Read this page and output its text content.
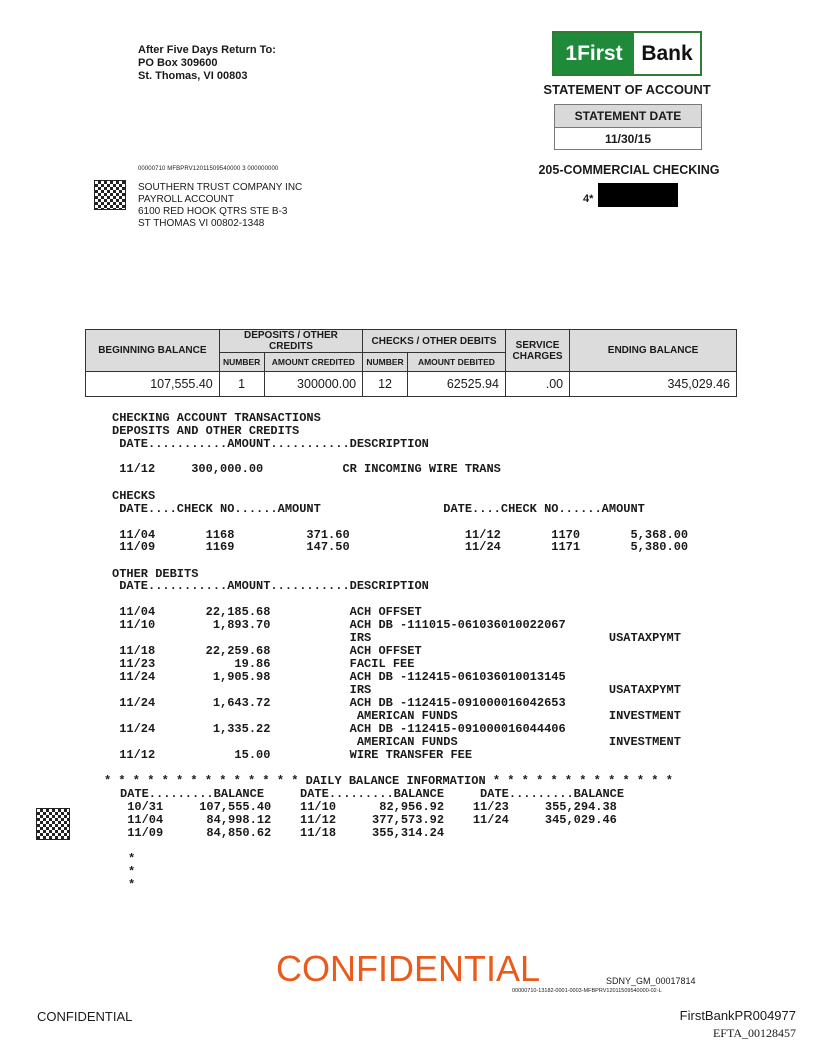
After Five Days Return To:
PO Box 309600
St. Thomas, VI 00803
1First Bank
STATEMENT OF ACCOUNT
STATEMENT DATE
11/30/15
205-COMMERCIAL CHECKING
4*
00000710 MFBPRV12011509540000 3 000000000
SOUTHERN TRUST COMPANY INC
PAYROLL ACCOUNT
6100 RED HOOK QTRS STE B-3
ST THOMAS VI 00802-1348
BEGINNING BALANCE	DEPOSITS / OTHER CREDITS		CHECKS / OTHER DEBITS		SERVICE CHARGES	ENDING BALANCE
	NUMBER	AMOUNT CREDITED	NUMBER	AMOUNT DEBITED		
107,555.40	1	300000.00	12	62525.94	.00	345,029.46
CHECKING ACCOUNT TRANSACTIONS
DEPOSITS AND OTHER CREDITS
DATE...........AMOUNT...........DESCRIPTION
11/12     300,000.00           CR INCOMING WIRE TRANS
CHECKS
DATE....CHECK NO......AMOUNT                 DATE....CHECK NO......AMOUNT
11/04       1168          371.60                11/12       1170       5,368.00
11/09       1169          147.50                11/24       1171       5,380.00
OTHER DEBITS
DATE...........AMOUNT...........DESCRIPTION
11/04       22,185.68           ACH OFFSET
11/10        1,893.70           ACH DB -111015-061036010022067
IRS                                 USATAXPYMT
11/18       22,259.68           ACH OFFSET
11/23           19.86           FACIL FEE
11/24        1,905.98           ACH DB -112415-061036010013145
IRS                                 USATAXPYMT
11/24        1,643.72           ACH DB -112415-091000016042653
AMERICAN FUNDS                     INVESTMENT
11/24        1,335.22           ACH DB -112415-091000016044406
AMERICAN FUNDS                     INVESTMENT
11/12           15.00           WIRE TRANSFER FEE
* * * * * * * * * * * * * * DAILY BALANCE INFORMATION * * * * * * * * * * * * *
DATE.........BALANCE     DATE.........BALANCE     DATE.........BALANCE
10/31     107,555.40    11/10      82,956.92    11/23     355,294.38
11/04      84,998.12    11/12     377,573.92    11/24     345,029.46
11/09      84,850.62    11/18     355,314.24
*
*
*
CONFIDENTIAL	SDNY_GM_00017814
00000710-13182-0001-0003-MFBPRV12011509540000-02-L
CONFIDENTIAL	FirstBankPR004977
EFTA_00128457
